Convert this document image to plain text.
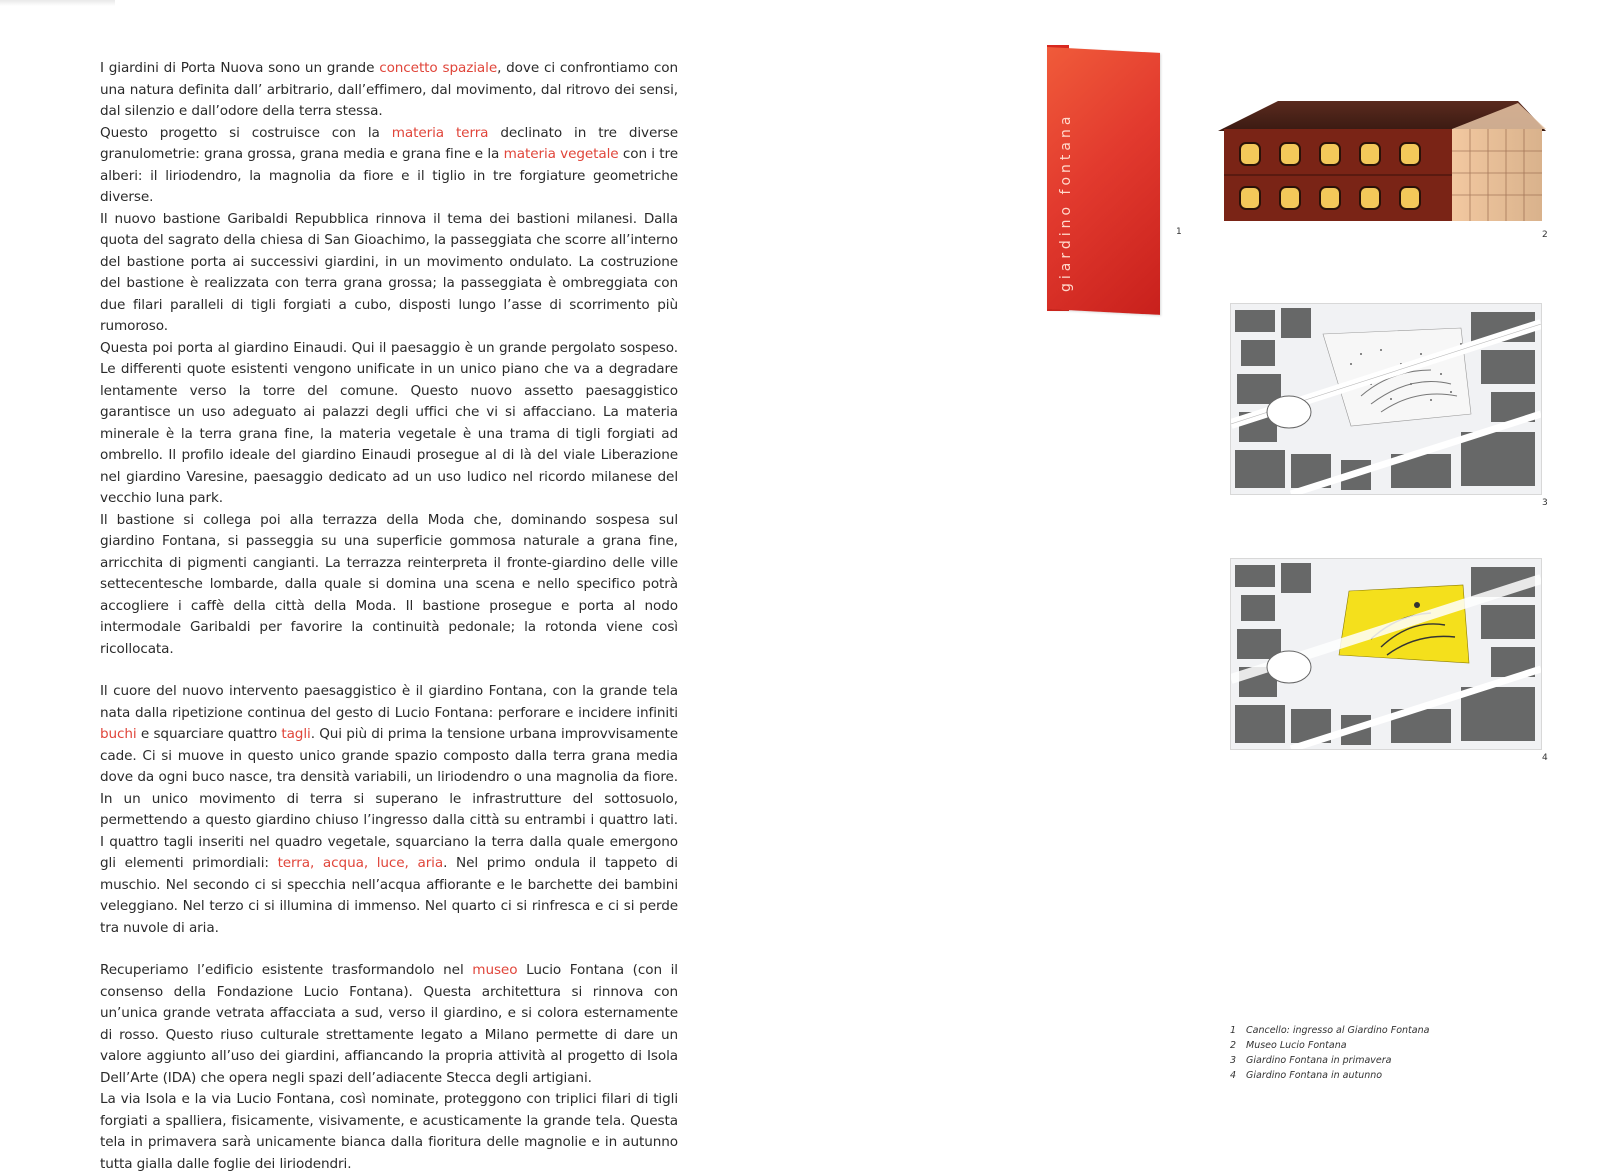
I giardini di Porta Nuova sono un grande concetto spaziale, dove ci confrontiamo con una natura definita dall’ arbitrario, dall’effimero, dal movimento, dal ritrovo dei sensi, dal silenzio e dall’odore della terra stessa.

Questo progetto si costruisce con la materia terra declinato in tre diverse granulometrie: grana grossa, grana media e grana fine e la materia vegetale con i tre alberi: il liriodendro, la magnolia da fiore e il tiglio in tre forgiature geometriche diverse.

Il nuovo bastione Garibaldi Repubblica rinnova il tema dei bastioni milanesi. Dalla quota del sagrato della chiesa di San Gioachimo, la passeggiata che scorre all’interno del bastione porta ai successivi giardini, in un movimento ondulato. La costruzione del bastione è realizzata con terra grana grossa; la passeggiata è ombreggiata con due filari paralleli di tigli forgiati a cubo, disposti lungo l’asse di scorrimento più rumoroso.

Questa poi porta al giardino Einaudi. Qui il paesaggio è un grande pergolato sospeso. Le differenti quote esistenti vengono unificate in un unico piano che va a degradare lentamente verso la torre del comune. Questo nuovo assetto paesaggistico garantisce un uso adeguato ai palazzi degli uffici che vi si affacciano. La materia minerale è la terra grana fine, la materia vegetale è una trama di tigli forgiati ad ombrello. Il profilo ideale del giardino Einaudi prosegue al di là del viale Liberazione nel giardino Varesine, paesaggio dedicato ad un uso ludico nel ricordo milanese del vecchio luna park.

Il bastione si collega poi alla terrazza della Moda che, dominando sospesa sul giardino Fontana, si passeggia su una superficie gommosa naturale a grana fine, arricchita di pigmenti cangianti. La terrazza reinterpreta il fronte-giardino delle ville settecentesche lombarde, dalla quale si domina una scena e nello specifico potrà accogliere i caffè della città della Moda. Il bastione prosegue e porta al nodo intermodale Garibaldi per favorire la continuità pedonale; la rotonda viene così ricollocata.

Il cuore del nuovo intervento paesaggistico è il giardino Fontana, con la grande tela nata dalla ripetizione continua del gesto di Lucio Fontana: perforare e incidere infiniti buchi e squarciare quattro tagli. Qui più di prima la tensione urbana improvvisamente cade. Ci si muove in questo unico grande spazio composto dalla terra grana media dove da ogni buco nasce, tra densità variabili, un liriodendro o una magnolia da fiore. In un unico movimento di terra si superano le infrastrutture del sottosuolo, permettendo a questo giardino chiuso l’ingresso dalla città su entrambi i quattro lati. I quattro tagli inseriti nel quadro vegetale, squarciano la terra dalla quale emergono gli elementi primordiali: terra, acqua, luce, aria. Nel primo ondula il tappeto di muschio. Nel secondo ci si specchia nell’acqua affiorante e le barchette dei bambini veleggiano. Nel terzo ci si illumina di immenso. Nel quarto ci si rinfresca e ci si perde tra nuvole di aria.

Recuperiamo l’edificio esistente trasformandolo nel museo Lucio Fontana (con il consenso della Fondazione Lucio Fontana). Questa architettura si rinnova con un’unica grande vetrata affacciata a sud, verso il giardino, e si colora esternamente di rosso. Questo riuso culturale strettamente legato a Milano permette di dare un valore aggiunto all’uso dei giardini, affiancando la propria attività al progetto di Isola Dell’Arte (IDA) che opera negli spazi dell’adiacente Stecca degli artigiani.

La via Isola e la via Lucio Fontana, così nominate, proteggono con triplici filari di tigli forgiati a spalliera, fisicamente, visivamente, e acusticamente la grande tela. Questa tela in primavera sarà unicamente bianca dalla fioritura delle magnolie e in autunno tutta gialla dalle foglie dei liriodendri.

giardino fontana	1	2
3
4
1 Cancello: ingresso al Giardino Fontana
2 Museo Lucio Fontana
3 Giardino Fontana in primavera
4 Giardino Fontana in autunno
